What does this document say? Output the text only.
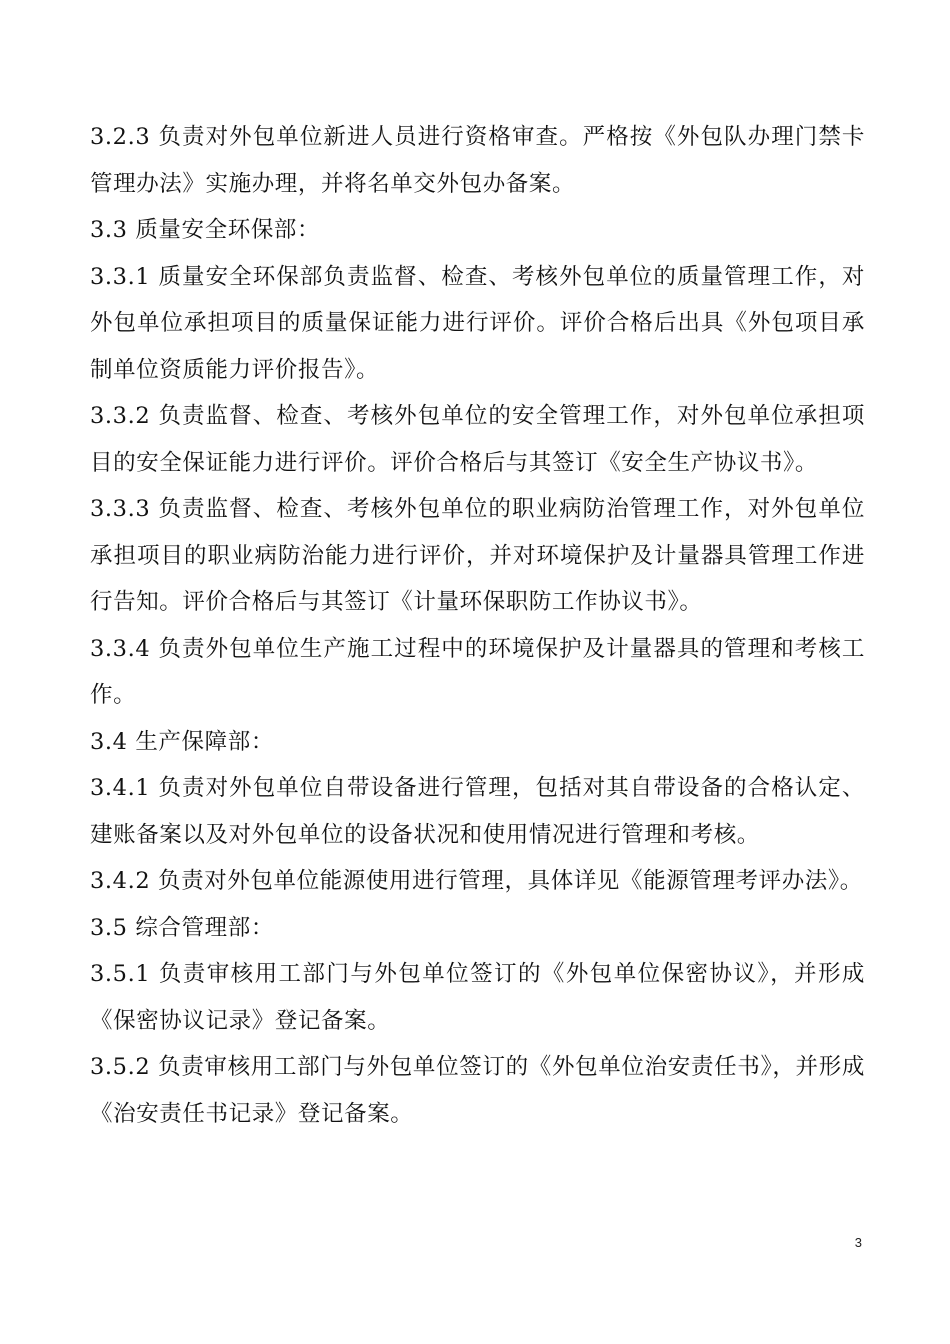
3.2.3 负责对外包单位新进人员进行资格审查。严格按《外包队办理门禁卡管理办法》实施办理，并将名单交外包办备案。

3.3 质量安全环保部：

3.3.1 质量安全环保部负责监督、检查、考核外包单位的质量管理工作，对外包单位承担项目的质量保证能力进行评价。评价合格后出具《外包项目承制单位资质能力评价报告》。

3.3.2 负责监督、检查、考核外包单位的安全管理工作，对外包单位承担项目的安全保证能力进行评价。评价合格后与其签订《安全生产协议书》。

3.3.3 负责监督、检查、考核外包单位的职业病防治管理工作，对外包单位承担项目的职业病防治能力进行评价，并对环境保护及计量器具管理工作进行告知。评价合格后与其签订《计量环保职防工作协议书》。

3.3.4 负责外包单位生产施工过程中的环境保护及计量器具的管理和考核工作。

3.4 生产保障部：

3.4.1 负责对外包单位自带设备进行管理，包括对其自带设备的合格认定、建账备案以及对外包单位的设备状况和使用情况进行管理和考核。

3.4.2 负责对外包单位能源使用进行管理，具体详见《能源管理考评办法》。

3.5 综合管理部：

3.5.1 负责审核用工部门与外包单位签订的《外包单位保密协议》，并形成《保密协议记录》登记备案。

3.5.2 负责审核用工部门与外包单位签订的《外包单位治安责任书》，并形成《治安责任书记录》登记备案。

3
